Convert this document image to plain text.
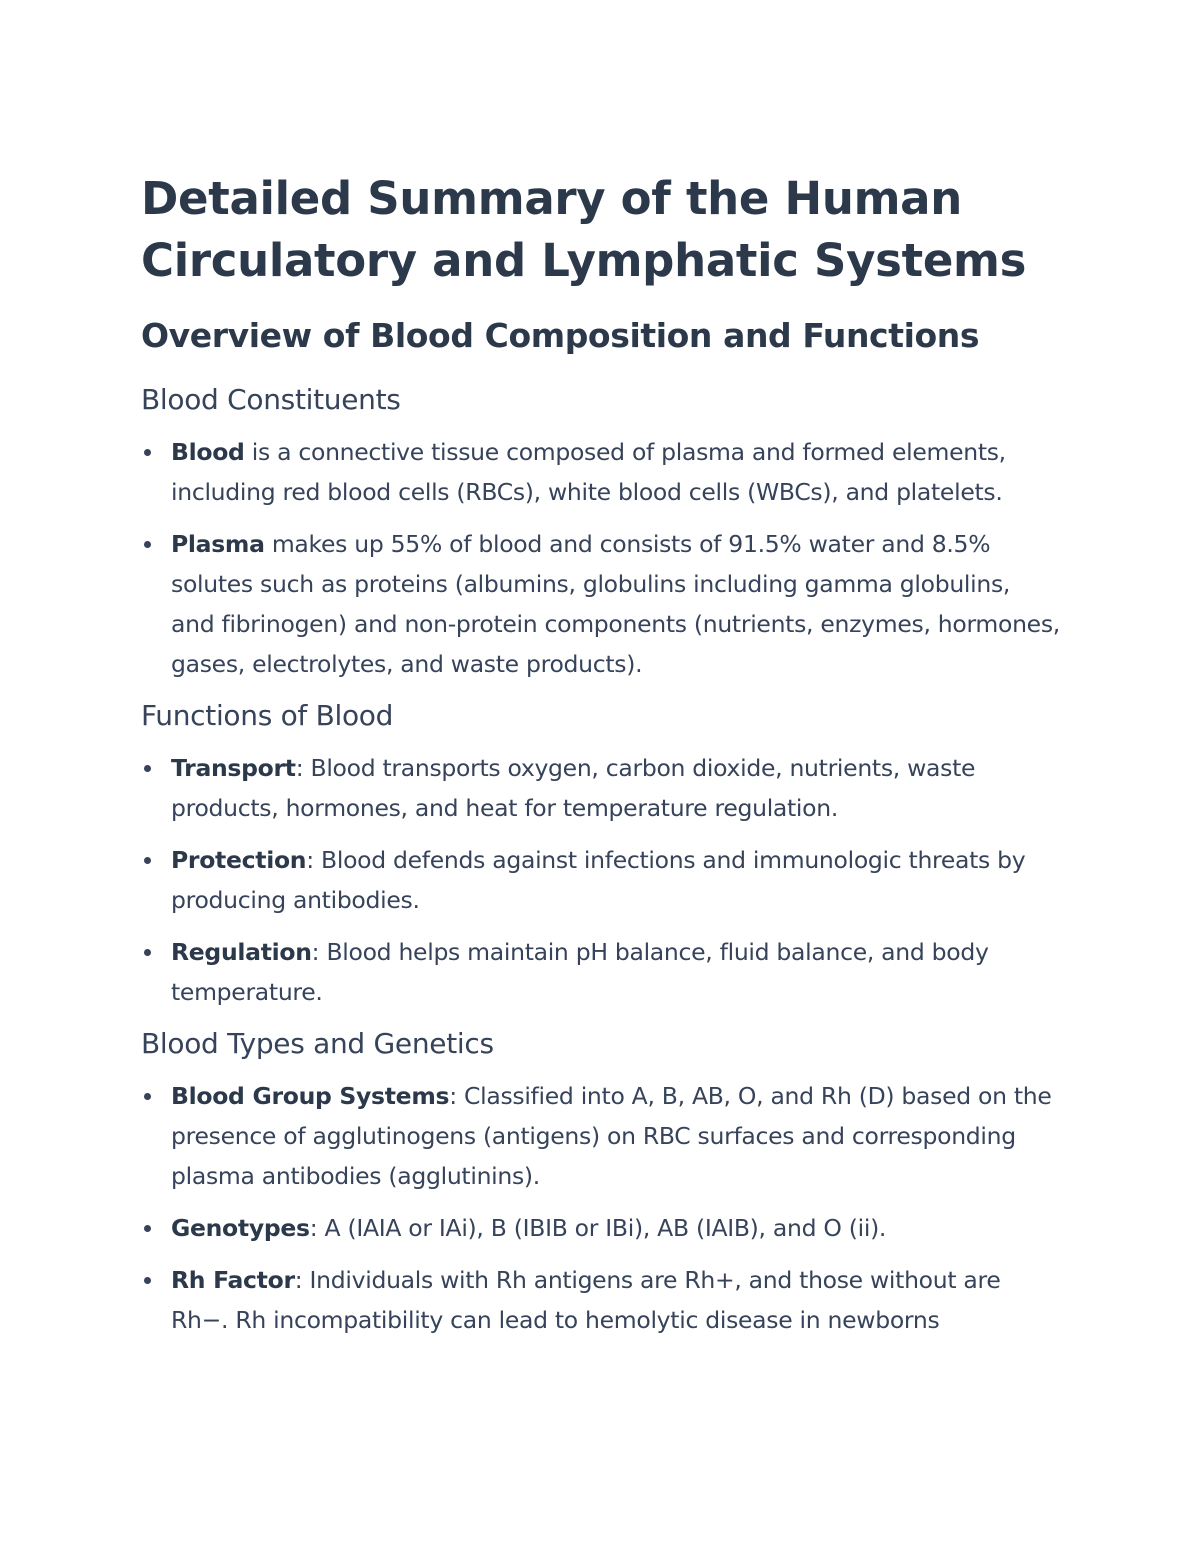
Detailed Summary of the Human Circulatory and Lymphatic Systems
Overview of Blood Composition and Functions
Blood Constituents
Blood is a connective tissue composed of plasma and formed elements, including red blood cells (RBCs), white blood cells (WBCs), and platelets.
Plasma makes up 55% of blood and consists of 91.5% water and 8.5% solutes such as proteins (albumins, globulins including gamma globulins, and fibrinogen) and non-protein components (nutrients, enzymes, hormones, gases, electrolytes, and waste products).
Functions of Blood
Transport: Blood transports oxygen, carbon dioxide, nutrients, waste products, hormones, and heat for temperature regulation.
Protection: Blood defends against infections and immunologic threats by producing antibodies.
Regulation: Blood helps maintain pH balance, fluid balance, and body temperature.
Blood Types and Genetics
Blood Group Systems: Classified into A, B, AB, O, and Rh (D) based on the presence of agglutinogens (antigens) on RBC surfaces and corresponding plasma antibodies (agglutinins).
Genotypes: A (IAIA or IAi), B (IBIB or IBi), AB (IAIB), and O (ii).
Rh Factor: Individuals with Rh antigens are Rh+, and those without are Rh−. Rh incompatibility can lead to hemolytic disease in newborns
